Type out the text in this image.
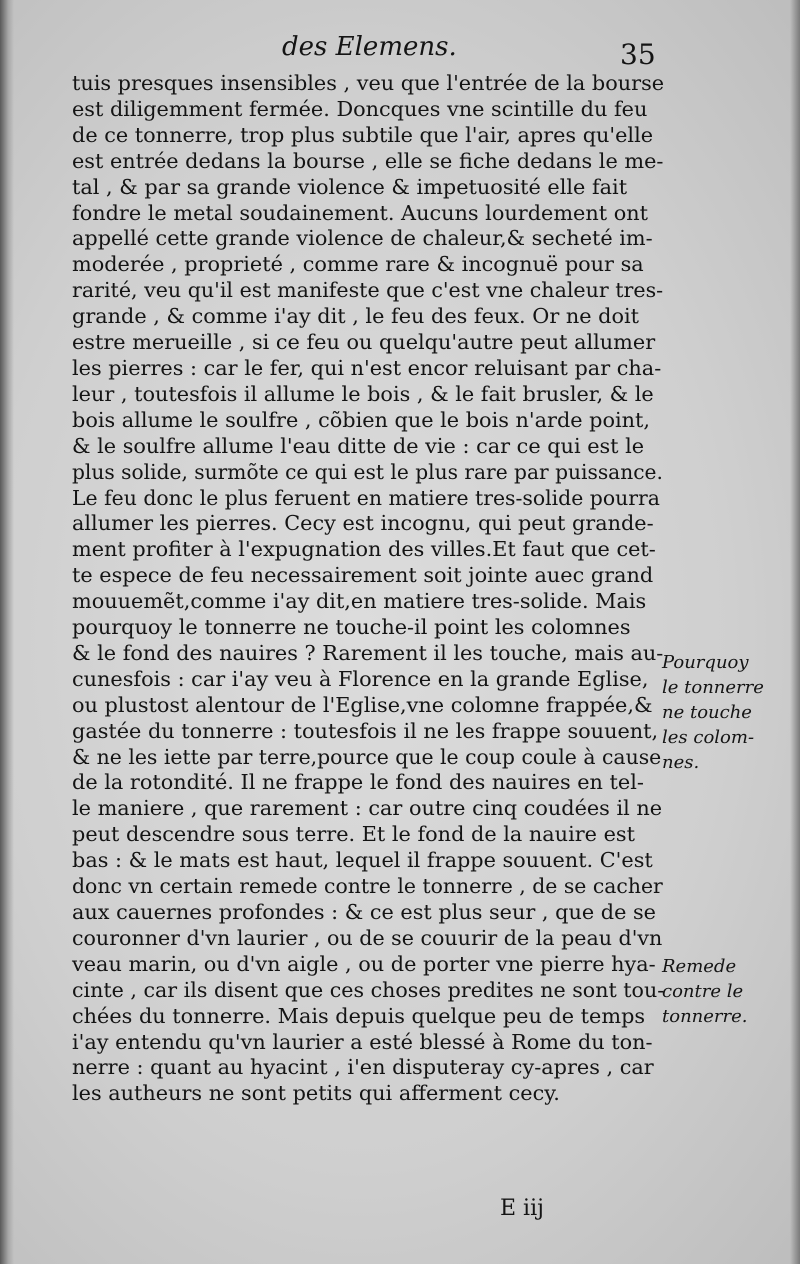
des Elemens.	35
tuis presques insensibles , veu que l'entrée de la bourse
est diligemment fermée. Doncques vne scintille du feu
de ce tonnerre, trop plus subtile que l'air, apres qu'elle
est entrée dedans la bourse , elle se fiche dedans le me-
tal , & par sa grande violence & impetuosité elle fait
fondre le metal soudainement. Aucuns lourdement ont
appellé cette grande violence de chaleur,& secheté im-
moderée , proprieté , comme rare & incognuë pour sa
rarité, veu qu'il est manifeste que c'est vne chaleur tres-
grande , & comme i'ay dit , le feu des feux. Or ne doit
estre merueille , si ce feu ou quelqu'autre peut allumer
les pierres : car le fer, qui n'est encor reluisant par cha-
leur , toutesfois il allume le bois , & le fait brusler, & le
bois allume le soulfre , cõbien que le bois n'arde point,
& le soulfre allume l'eau ditte de vie : car ce qui est le
plus solide, surmõte ce qui est le plus rare par puissance.
Le feu donc le plus feruent en matiere tres-solide pourra
allumer les pierres. Cecy est incognu, qui peut grande-
ment profiter à l'expugnation des villes.Et faut que cet-
te espece de feu necessairement soit jointe auec grand
mouuemẽt,comme i'ay dit,en matiere tres-solide. Mais
pourquoy le tonnerre ne touche-il point les colomnes
& le fond des nauires ? Rarement il les touche, mais au-
cunesfois : car i'ay veu à Florence en la grande Eglise,
ou plustost alentour de l'Eglise,vne colomne frappée,&
gastée du tonnerre : toutesfois il ne les frappe souuent,
& ne les iette par terre,pource que le coup coule à cause
de la rotondité. Il ne frappe le fond des nauires en tel-
le maniere , que rarement : car outre cinq coudées il ne
peut descendre sous terre. Et le fond de la nauire est
bas : & le mats est haut, lequel il frappe souuent. C'est
donc vn certain remede contre le tonnerre , de se cacher
aux cauernes profondes : & ce est plus seur , que de se
couronner d'vn laurier , ou de se couurir de la peau d'vn
veau marin, ou d'vn aigle , ou de porter vne pierre hya-
cinte , car ils disent que ces choses predites ne sont tou-
chées du tonnerre. Mais depuis quelque peu de temps
i'ay entendu qu'vn laurier a esté blessé à Rome du ton-
nerre : quant au hyacint , i'en disputeray cy-apres , car
les autheurs ne sont petits qui afferment cecy.
Pourquoy
le tonnerre
ne touche
les colom-
nes.
Remede
contre le
tonnerre.
E iij
